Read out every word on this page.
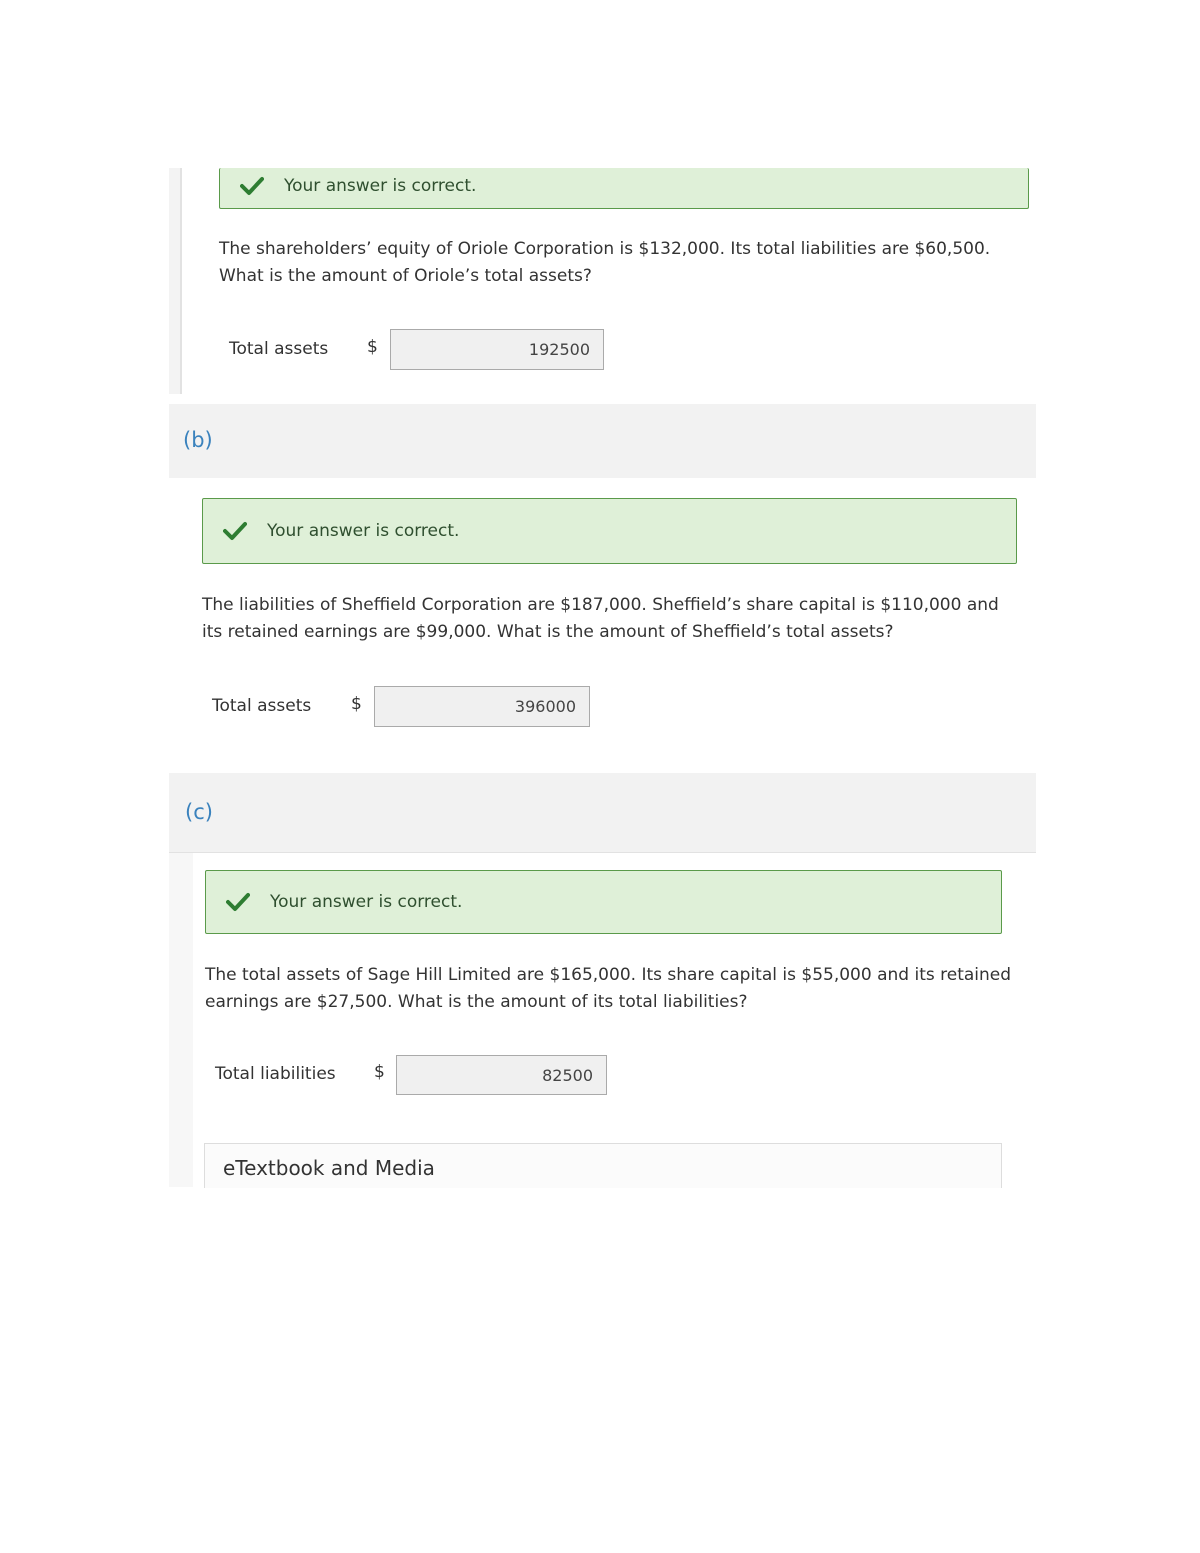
Your answer is correct.
The shareholders’ equity of Oriole Corporation is $132,000. Its total liabilities are $60,500.
What is the amount of Oriole’s total assets?
Total assets $	192500
(b)
Your answer is correct.
The liabilities of Sheffield Corporation are $187,000. Sheffield’s share capital is $110,000 and
its retained earnings are $99,000. What is the amount of Sheffield’s total assets?
Total assets $	396000
(c)
Your answer is correct.
The total assets of Sage Hill Limited are $165,000. Its share capital is $55,000 and its retained
earnings are $27,500. What is the amount of its total liabilities?
Total liabilities $	82500
eTextbook and Media
